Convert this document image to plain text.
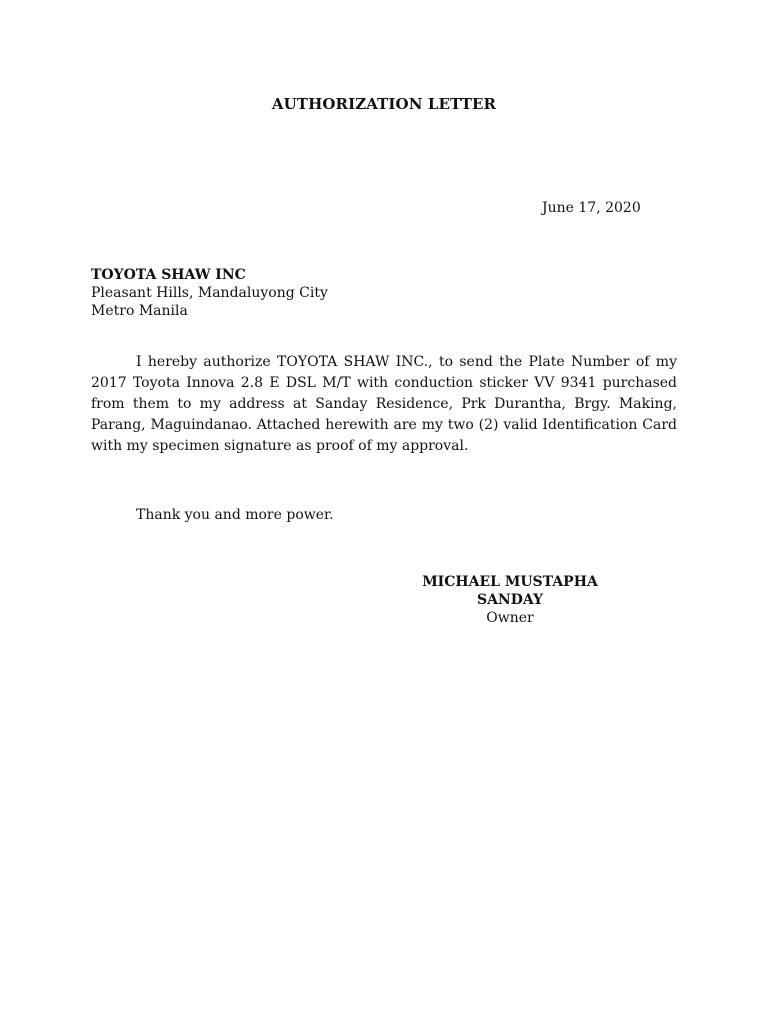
AUTHORIZATION LETTER
June 17, 2020
TOYOTA SHAW INC
Pleasant Hills, Mandaluyong City
Metro Manila

I hereby authorize TOYOTA SHAW INC., to send the Plate Number of my 2017 Toyota Innova 2.8 E DSL M/T with conduction sticker VV 9341 purchased from them to my address at Sanday Residence, Prk Durantha, Brgy. Making, Parang, Maguindanao. Attached herewith are my two (2) valid Identification Card with my specimen signature as proof of my approval.

Thank you and more power.
MICHAEL MUSTAPHA SANDAY
Owner
